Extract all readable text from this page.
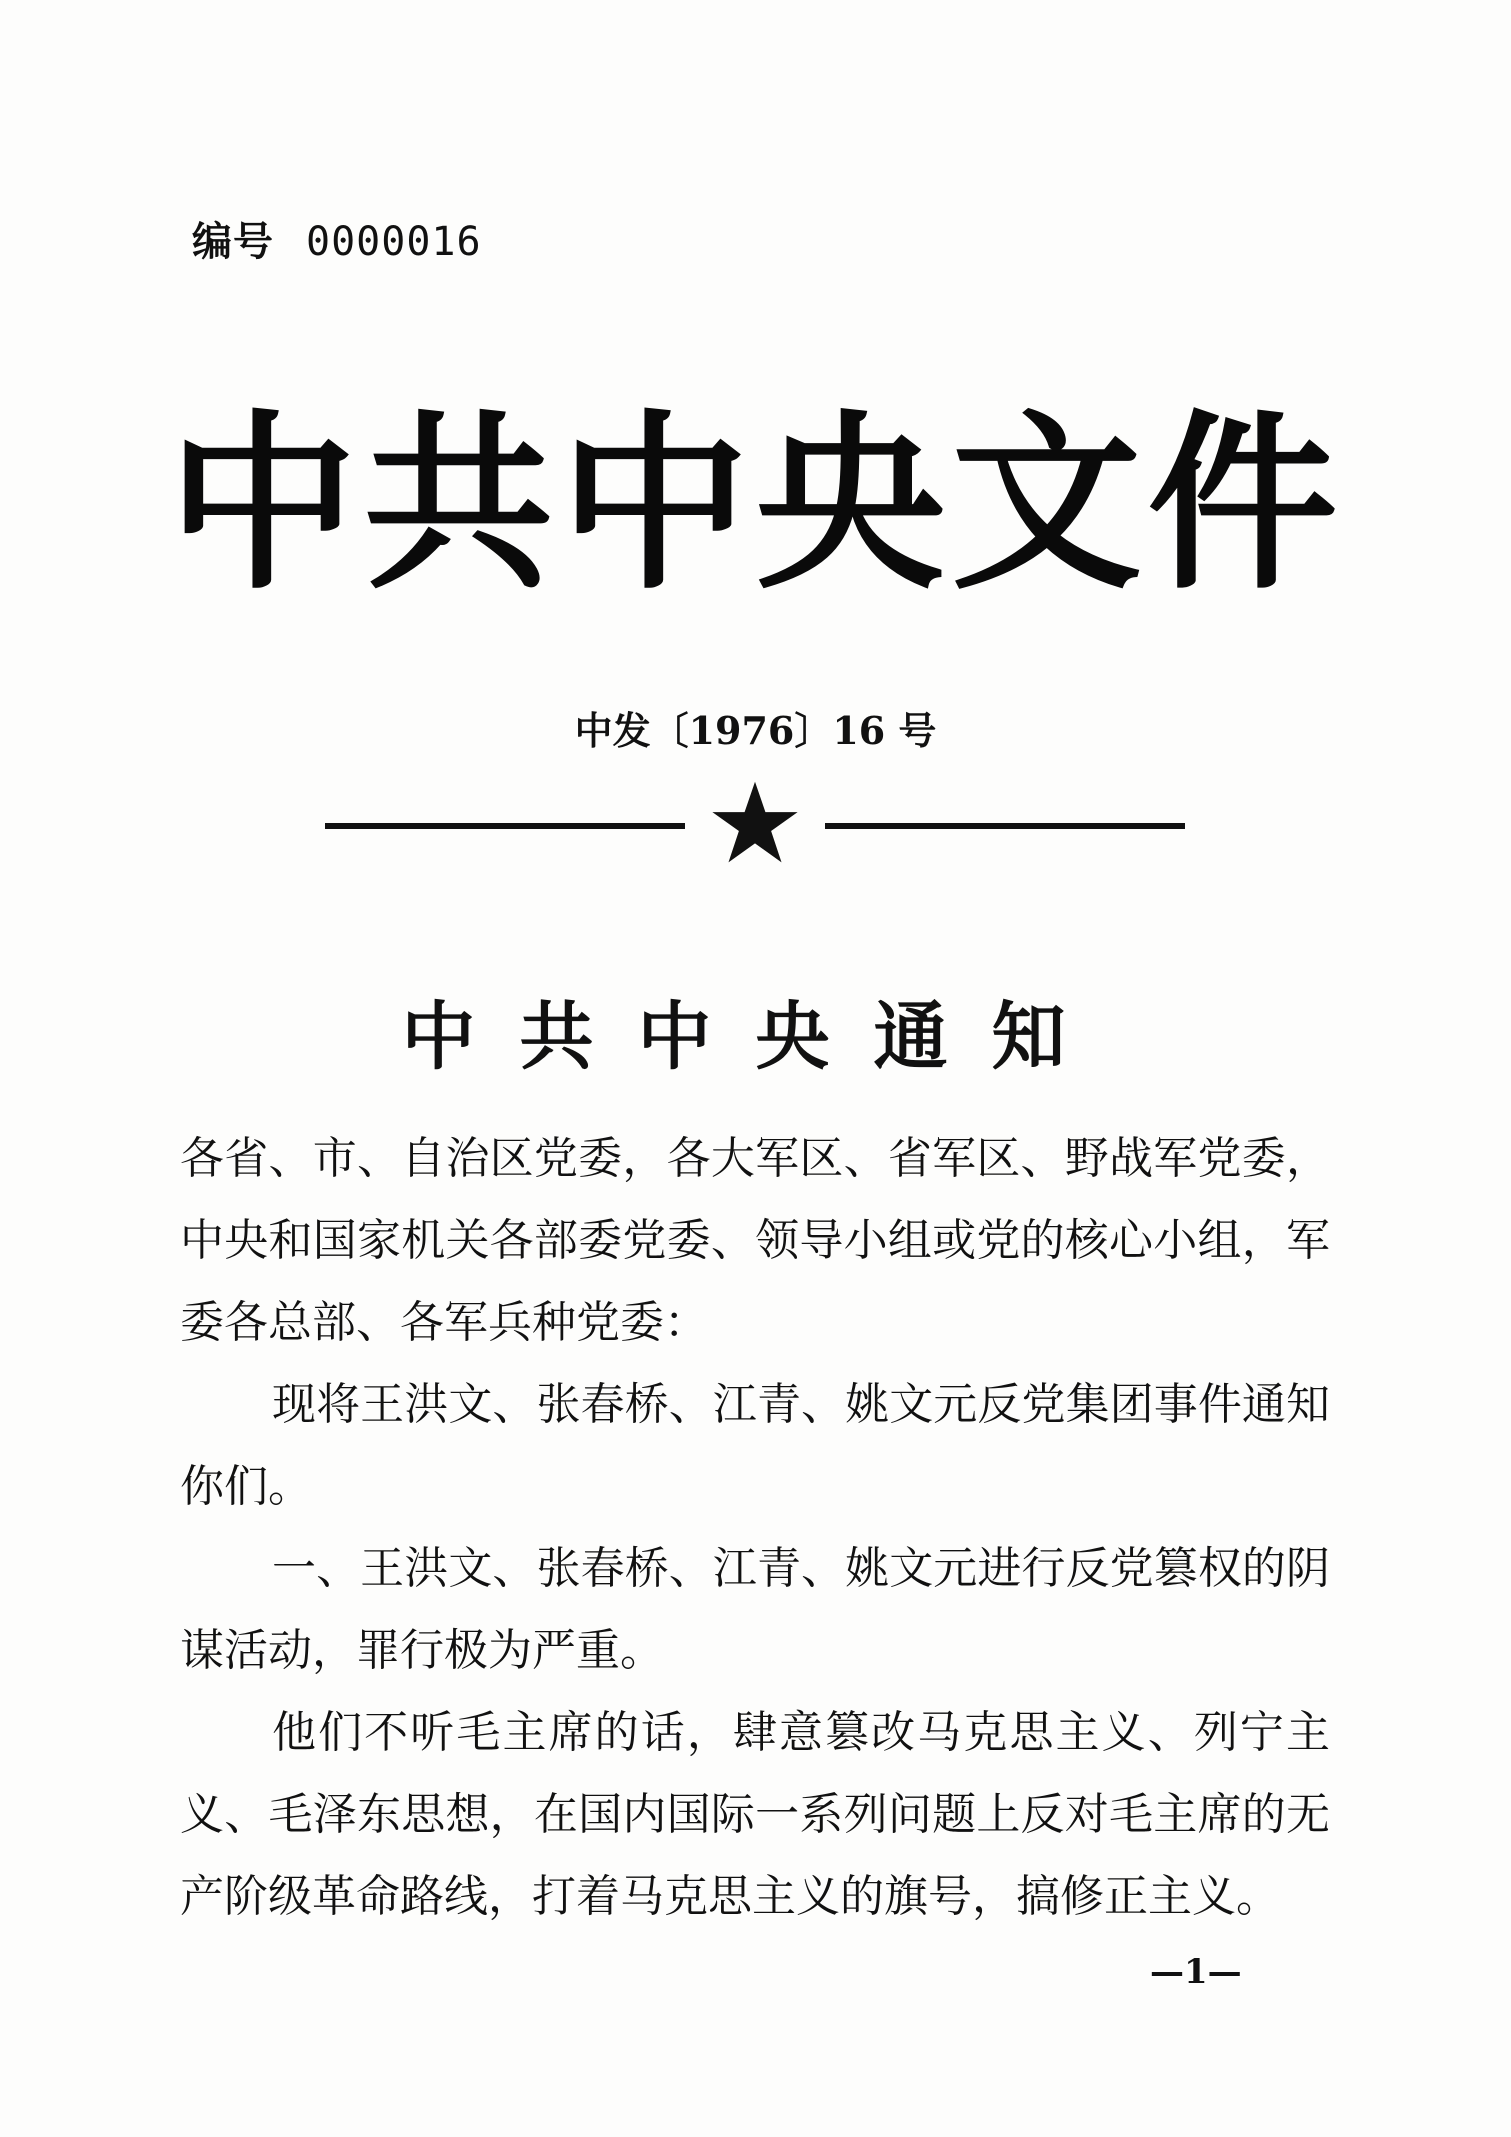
编号 0000016
中共中央文件
中发〔1976〕16 号
中共中央通知

各省、市、自治区党委，各大军区、省军区、野战军党委，中央和国家机关各部委党委、领导小组或党的核心小组，军委各总部、各军兵种党委：

现将王洪文、张春桥、江青、姚文元反党集团事件通知你们。

一、王洪文、张春桥、江青、姚文元进行反党篡权的阴谋活动，罪行极为严重。

他们不听毛主席的话，肆意篡改马克思主义、列宁主义、毛泽东思想，在国内国际一系列问题上反对毛主席的无产阶级革命路线，打着马克思主义的旗号，搞修正主义。

—1—
